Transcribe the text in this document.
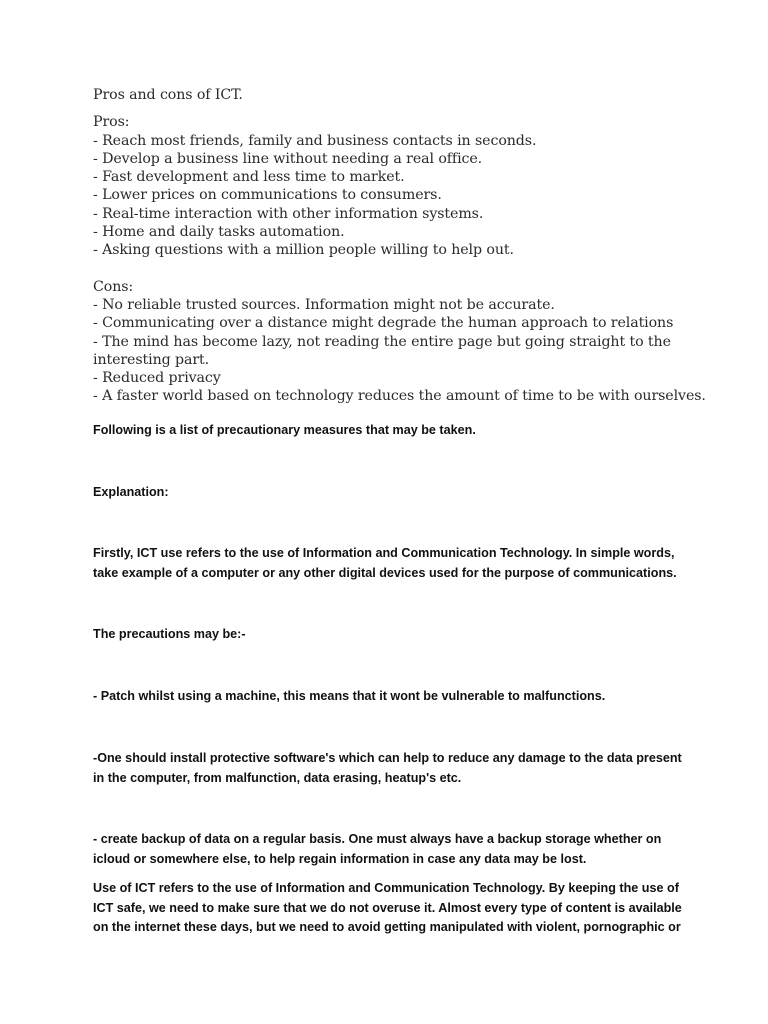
Pros and cons of ICT.
Pros:
- Reach most friends, family and business contacts in seconds.
- Develop a business line without needing a real office.
- Fast development and less time to market.
- Lower prices on communications to consumers.
- Real-time interaction with other information systems.
- Home and daily tasks automation.
- Asking questions with a million people willing to help out.
Cons:
- No reliable trusted sources. Information might not be accurate.
- Communicating over a distance might degrade the human approach to relations
- The mind has become lazy, not reading the entire page but going straight to the
interesting part.
- Reduced privacy
- A faster world based on technology reduces the amount of time to be with ourselves.
Following is a list of precautionary measures that may be taken.
Explanation:
Firstly, ICT use refers to the use of Information and Communication Technology. In simple words,
take example of a computer or any other digital devices used for the purpose of communications.
The precautions may be:-
- Patch whilst using a machine, this means that it wont be vulnerable to malfunctions.
-One should install protective software's which can help to reduce any damage to the data present
in the computer, from malfunction, data erasing, heatup's etc.
- create backup of data on a regular basis. One must always have a backup storage whether on
icloud or somewhere else, to help regain information in case any data may be lost.
Use of ICT refers to the use of Information and Communication Technology. By keeping the use of
ICT safe, we need to make sure that we do not overuse it. Almost every type of content is available
on the internet these days, but we need to avoid getting manipulated with violent, pornographic or
